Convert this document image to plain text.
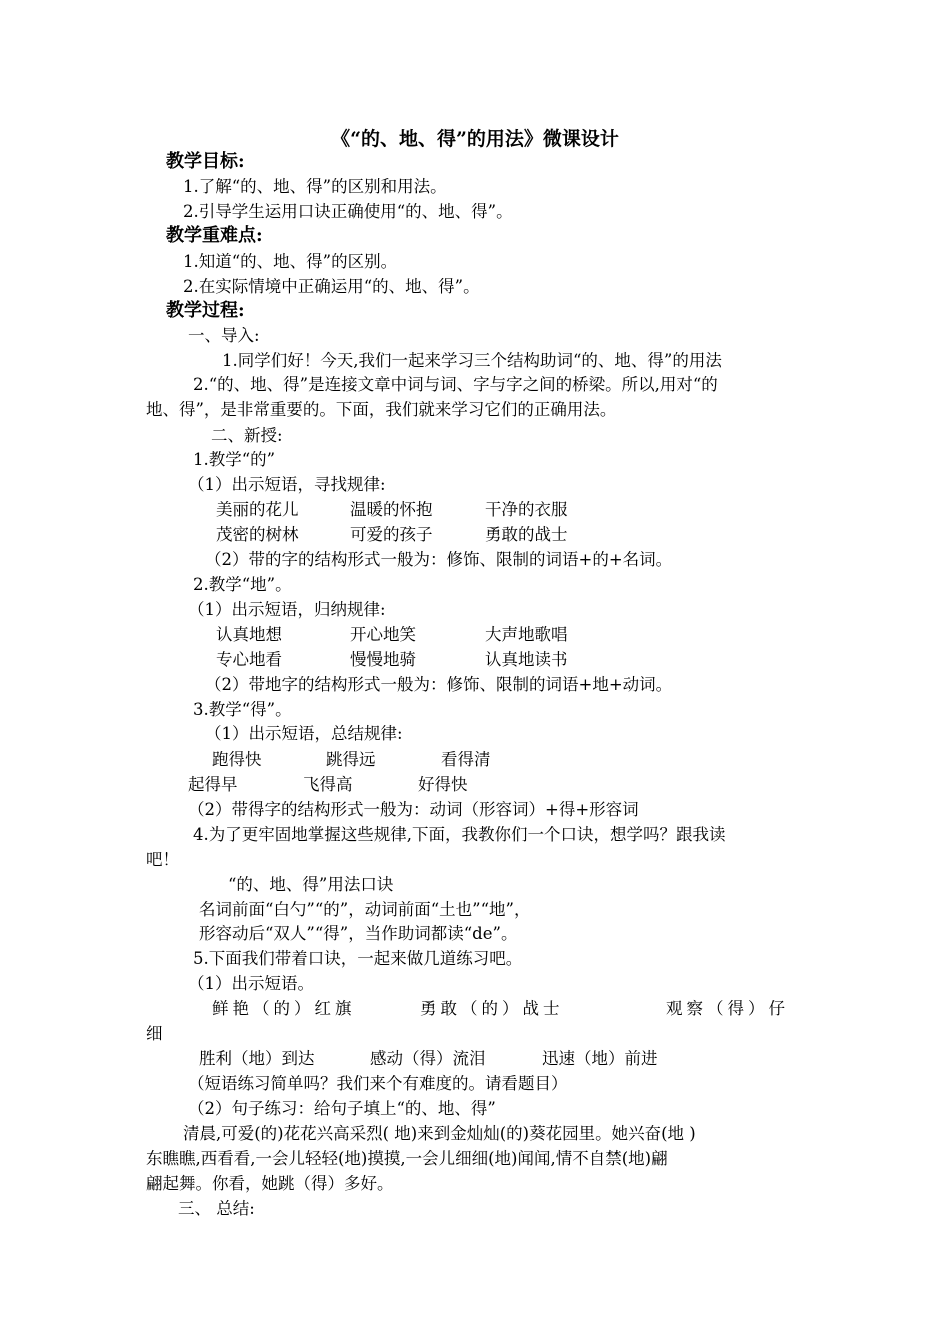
《“的、地、得”的用法》微课设计
教学目标:
1.了解“的、地、得”的区别和用法。
2.引导学生运用口诀正确使用“的、地、得”。
教学重难点:
1.知道“的、地、得”的区别。
2.在实际情境中正确运用“的、地、得”。
教学过程:
一、导入:
1.同学们好！今天,我们一起来学习三个结构助词“的、地、得”的用法
2.“的、地、得”是连接文章中词与词、字与字之间的桥梁。所以,用对“的
地、得”，是非常重要的。下面，我们就来学习它们的正确用法。
二、新授:
1.教学“的”
（1）出示短语，寻找规律:
美丽的花儿	温暖的怀抱	干净的衣服
茂密的树林	可爱的孩子	勇敢的战士
（2）带的字的结构形式一般为：修饰、限制的词语+的+名词。
2.教学“地”。
（1）出示短语，归纳规律:
认真地想	开心地笑	大声地歌唱
专心地看	慢慢地骑	认真地读书
（2）带地字的结构形式一般为：修饰、限制的词语+地+动词。
3.教学“得”。
（1）出示短语，总结规律:
跑得快	跳得远	看得清
起得早	飞得高	好得快
（2）带得字的结构形式一般为：动词（形容词）+得+形容词
4.为了更牢固地掌握这些规律,下面，我教你们一个口诀，想学吗？跟我读
吧！
“的、地、得”用法口诀
名词前面“白勺”“的”，动词前面“土也”“地”，
形容动后“双人”“得”，当作助词都读“de”。
5.下面我们带着口诀，一起来做几道练习吧。
（1）出示短语。
鲜艳（的）红旗	勇敢（的）战士	观察（得）仔
细
胜利（地）到达	感动（得）流泪	迅速（地）前进
（短语练习简单吗？我们来个有难度的。请看题目）
（2）句子练习：给句子填上“的、地、得”
清晨,可爱(的)花花兴高采烈( 地)来到金灿灿(的)葵花园里。她兴奋(地 )
东瞧瞧,西看看,一会儿轻轻(地)摸摸,一会儿细细(地)闻闻,情不自禁(地)翩
翩起舞。你看，她跳（得）多好。
三、 总结:
